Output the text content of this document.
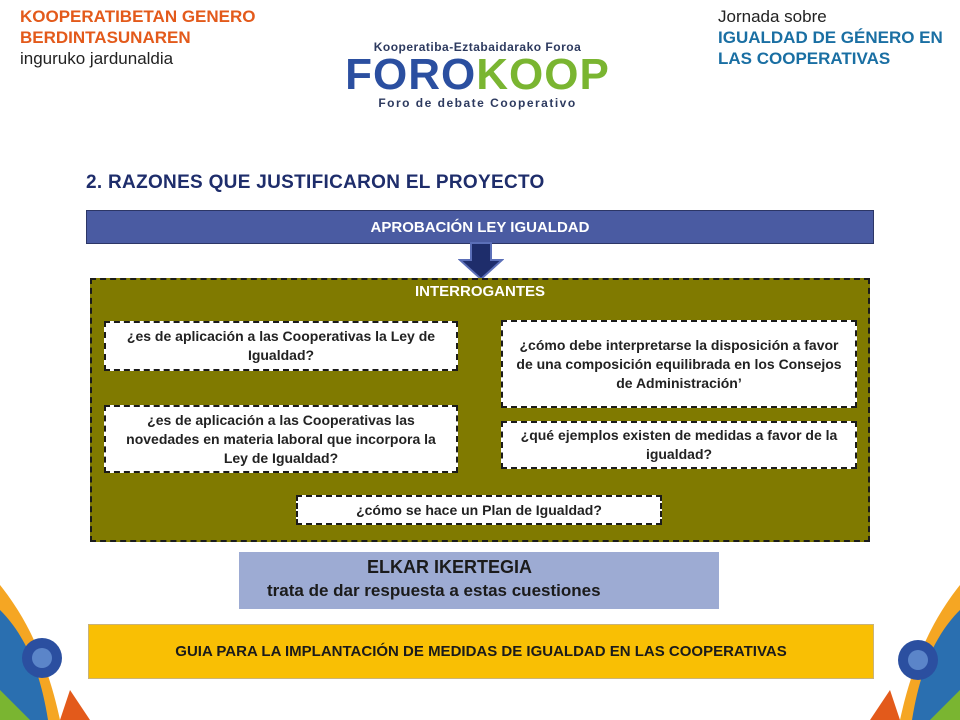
KOOPERATIBETAN GENERO
BERDINTASUNAREN
inguruko jardunaldia
Jornada sobre
IGUALDAD DE GÉNERO EN
LAS COOPERATIVAS
Kooperatiba-Eztabaidarako Foroa
FOROKOOP
Foro de debate Cooperativo
2. RAZONES QUE JUSTIFICARON EL PROYECTO
APROBACIÓN LEY IGUALDAD
INTERROGANTES
¿es de aplicación a las Cooperativas la Ley de Igualdad?
¿es de aplicación a las Cooperativas las novedades en materia laboral que incorpora la Ley de Igualdad?
¿cómo debe interpretarse la disposición a favor de una composición equilibrada en los Consejos de Administración’
¿qué ejemplos existen de medidas a favor de la igualdad?
¿cómo se hace un Plan de Igualdad?
ELKAR IKERTEGIA
trata de dar respuesta a estas cuestiones
GUIA PARA LA IMPLANTACIÓN DE MEDIDAS DE IGUALDAD EN LAS COOPERATIVAS
